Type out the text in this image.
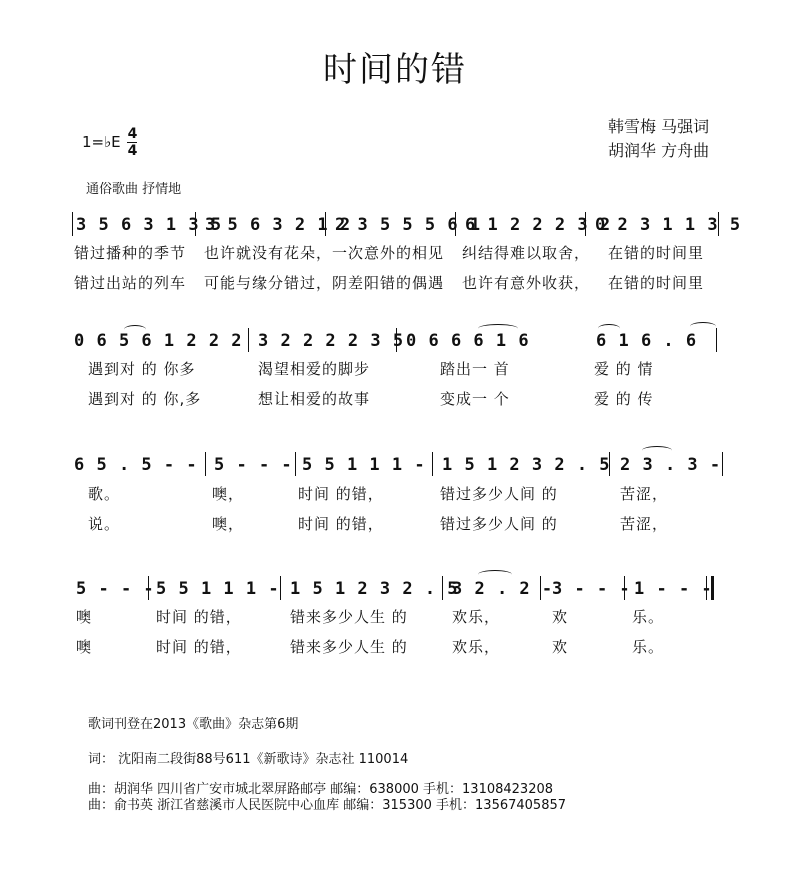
时间的错
韩雪梅 马强词
胡润华 方舟曲
1=♭E $\frac{4}{4}$
通俗歌曲 抒情地
3 5 6 3 1 3 5
3 5 6 3 2 1 2
2 3 5 5 5 6 1
6 1 2 2 2 3 2
0 2 3 1 1 3 5
错过播种的季节 也许就没有花朵， 一次意外的相见 纠结得难以取舍， 在错的时间里
错过出站的列车 可能与缘分错过， 阴差阳错的偶遇 也许有意外收获， 在错的时间里
0 6 5 6 1 2 2 2 3 2 2 2 2 3 5 0 6 6 6 1 6	6 1 6 . 6
遇到对 的 你多	渴望相爱的脚步	踏出一 首	爱 的 情
遇到对 的 你,多	想让相爱的故事	变成一 个	爱 的 传
6 5 . 5 - - 5 - - - 5 5 1 1 1 - 1 5 1 2 3 2 . 5 2 3 . 3 -
歌。	噢，	时间 的错，	错过多少人间 的	苦涩，
说。	噢，	时间 的错，	错过多少人间 的	苦涩，
5 - - - 5 5 1 1 1 - 1 5 1 2 3 2 . 5
3 2 . 2 -
3 - - - 1 - - -
噢	时间 的错，	错来多少人生 的	欢乐，	欢	乐。
噢	时间 的错，	错来多少人生 的	欢乐，	欢	乐。
歌词刊登在2013《歌曲》杂志第6期
词： 沈阳南二段街88号611《新歌诗》杂志社 110014
曲：胡润华 四川省广安市城北翠屏路邮亭 邮编：638000 手机：13108423208
曲：俞书英 浙江省慈溪市人民医院中心血库 邮编：315300 手机：13567405857
